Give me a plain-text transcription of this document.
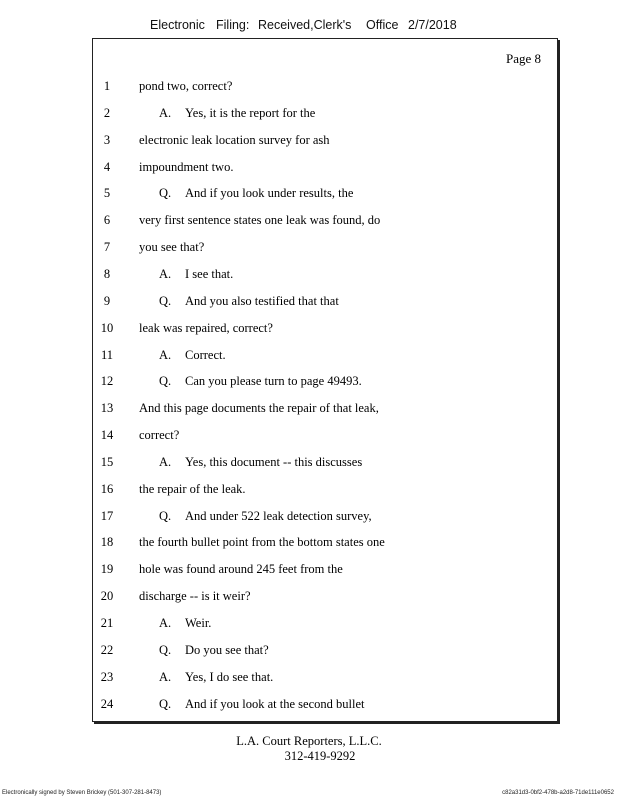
Electronic Filing: Received,Clerk's Office 2/7/2018
Page 8
1	pond two, correct?
2	A. Yes, it is the report for the
3	electronic leak location survey for ash
4	impoundment two.
5	Q. And if you look under results, the
6	very first sentence states one leak was found, do
7	you see that?
8	A. I see that.
9	Q. And you also testified that that
10	leak was repaired, correct?
11	A. Correct.
12	Q. Can you please turn to page 49493.
13	And this page documents the repair of that leak,
14	correct?
15	A. Yes, this document -- this discusses
16	the repair of the leak.
17	Q. And under 522 leak detection survey,
18	the fourth bullet point from the bottom states one
19	hole was found around 245 feet from the
20	discharge -- is it weir?
21	A. Weir.
22	Q. Do you see that?
23	A. Yes, I do see that.
24	Q. And if you look at the second bullet
L.A. Court Reporters, L.L.C.
312-419-9292
Electronically signed by Steven Brickey (501-307-281-8473)	c82a31d3-0bf2-478b-a2d8-71de111e0652
